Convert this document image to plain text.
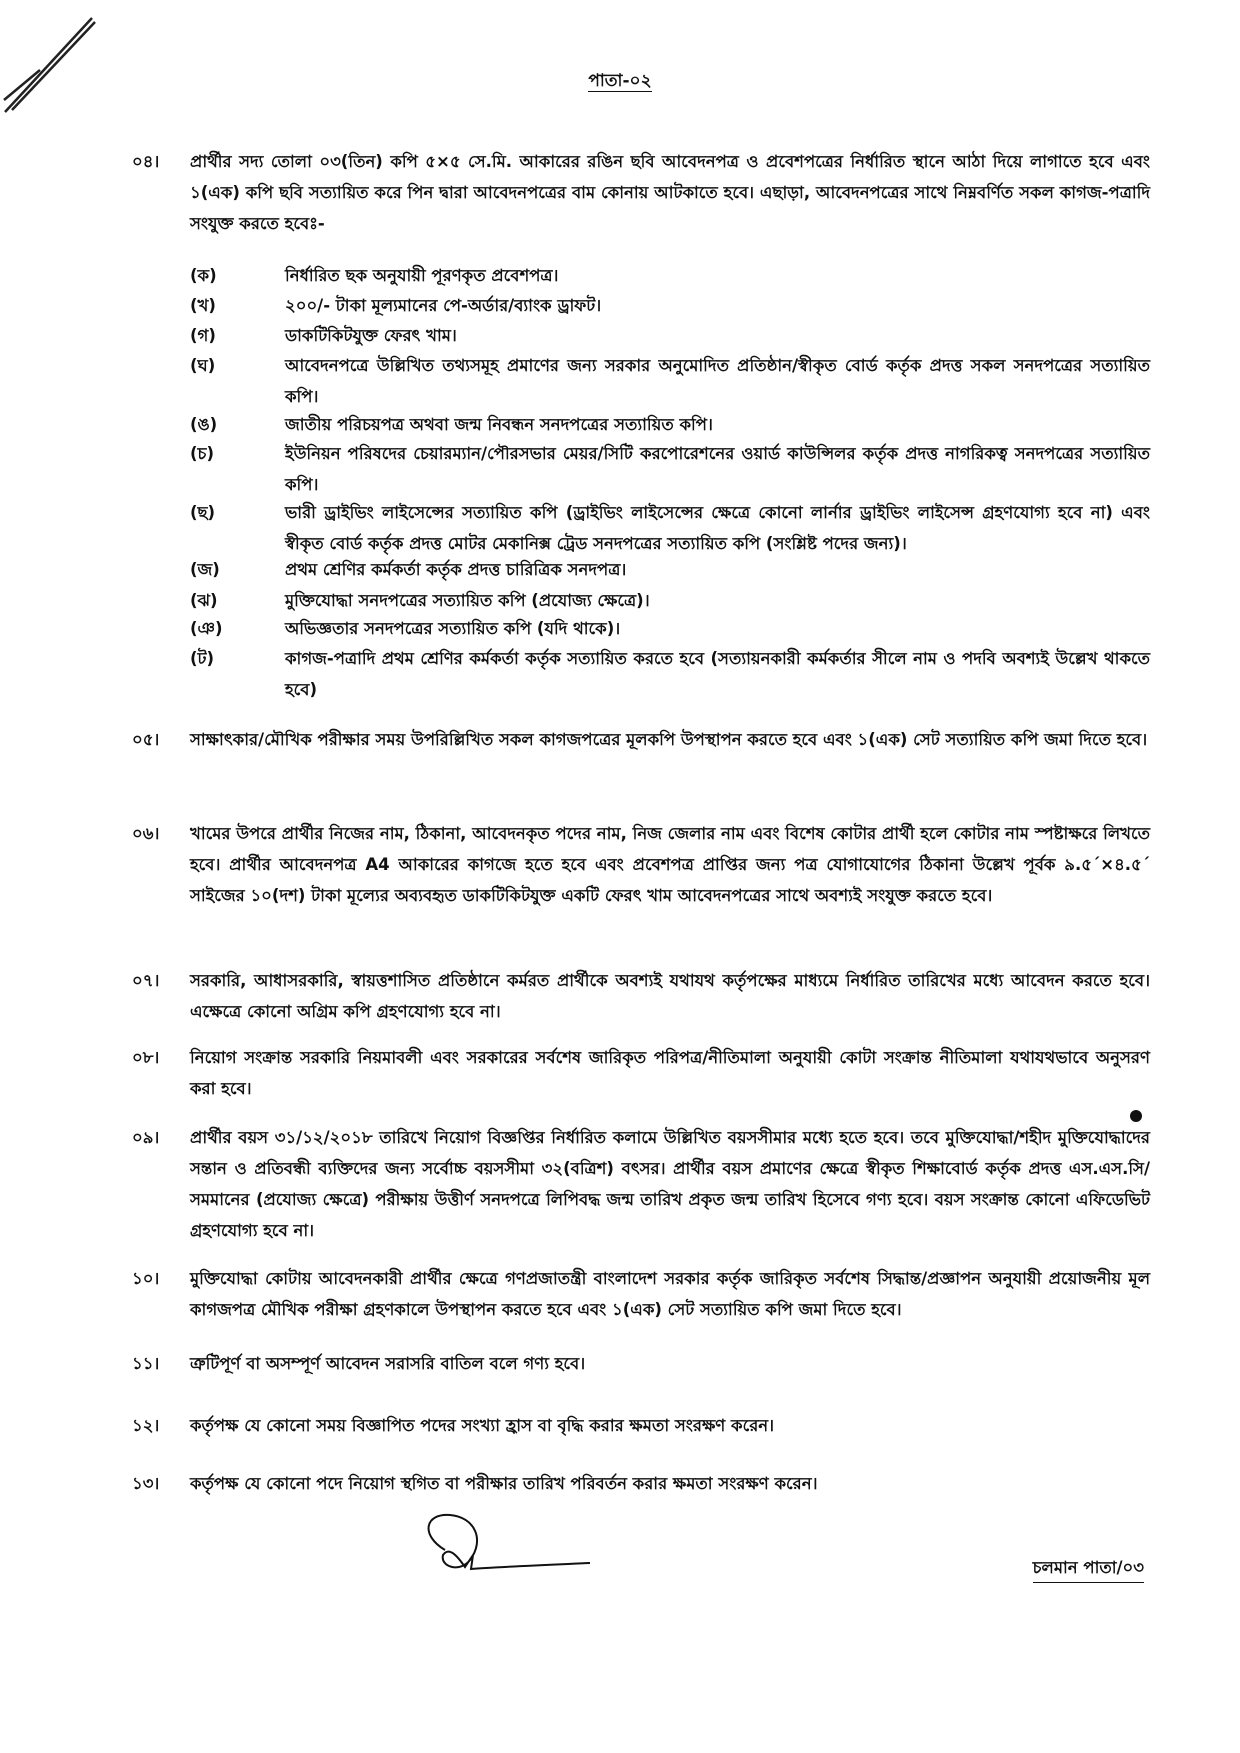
পাতা-০২
০৪। প্রার্থীর সদ্য তোলা ০৩(তিন) কপি ৫×৫ সে.মি. আকারের রঙিন ছবি আবেদনপত্র ও প্রবেশপত্রের নির্ধারিত স্থানে আঠা দিয়ে লাগাতে হবে এবং ১(এক) কপি ছবি সত্যায়িত করে পিন দ্বারা আবেদনপত্রের বাম কোনায় আটকাতে হবে। এছাড়া, আবেদনপত্রের সাথে নিম্নবর্ণিত সকল কাগজ-পত্রাদি সংযুক্ত করতে হবেঃ-
(ক)	নির্ধারিত ছক অনুযায়ী পূরণকৃত প্রবেশপত্র।
(খ)	২০০/- টাকা মূল্যমানের পে-অর্ডার/ব্যাংক ড্রাফট।
(গ)	ডাকটিকিটযুক্ত ফেরৎ খাম।
(ঘ)	আবেদনপত্রে উল্লিখিত তথ্যসমূহ প্রমাণের জন্য সরকার অনুমোদিত প্রতিষ্ঠান/স্বীকৃত বোর্ড কর্তৃক প্রদত্ত সকল সনদপত্রের সত্যায়িত কপি।
(ঙ)	জাতীয় পরিচয়পত্র অথবা জন্ম নিবন্ধন সনদপত্রের সত্যায়িত কপি।
(চ)	ইউনিয়ন পরিষদের চেয়ারম্যান/পৌরসভার মেয়র/সিটি করপোরেশনের ওয়ার্ড কাউন্সিলর কর্তৃক প্রদত্ত নাগরিকত্ব সনদপত্রের সত্যায়িত কপি।
(ছ)	ভারী ড্রাইভিং লাইসেন্সের সত্যায়িত কপি (ড্রাইভিং লাইসেন্সের ক্ষেত্রে কোনো লার্নার ড্রাইভিং লাইসেন্স গ্রহণযোগ্য হবে না) এবং স্বীকৃত বোর্ড কর্তৃক প্রদত্ত মোটর মেকানিক্স ট্রেড সনদপত্রের সত্যায়িত কপি (সংশ্লিষ্ট পদের জন্য)।
(জ)	প্রথম শ্রেণির কর্মকর্তা কর্তৃক প্রদত্ত চারিত্রিক সনদপত্র।
(ঝ)	মুক্তিযোদ্ধা সনদপত্রের সত্যায়িত কপি (প্রযোজ্য ক্ষেত্রে)।
(ঞ)	অভিজ্ঞতার সনদপত্রের সত্যায়িত কপি (যদি থাকে)।
(ট)	কাগজ-পত্রাদি প্রথম শ্রেণির কর্মকর্তা কর্তৃক সত্যায়িত করতে হবে (সত্যায়নকারী কর্মকর্তার সীলে নাম ও পদবি অবশ্যই উল্লেখ থাকতে হবে)
০৫। সাক্ষাৎকার/মৌখিক পরীক্ষার সময় উপরিল্লিখিত সকল কাগজপত্রের মূলকপি উপস্থাপন করতে হবে এবং ১(এক) সেট সত্যায়িত কপি জমা দিতে হবে।
০৬। খামের উপরে প্রার্থীর নিজের নাম, ঠিকানা, আবেদনকৃত পদের নাম, নিজ জেলার নাম এবং বিশেষ কোটার প্রার্থী হলে কোটার নাম স্পষ্টাক্ষরে লিখতে হবে। প্রার্থীর আবেদনপত্র A4 আকারের কাগজে হতে হবে এবং প্রবেশপত্র প্রাপ্তির জন্য পত্র যোগাযোগের ঠিকানা উল্লেখ পূর্বক ৯.৫´×৪.৫´ সাইজের ১০(দশ) টাকা মূল্যের অব্যবহৃত ডাকটিকিটযুক্ত একটি ফেরৎ খাম আবেদনপত্রের সাথে অবশ্যই সংযুক্ত করতে হবে।
০৭। সরকারি, আধাসরকারি, স্বায়ত্তশাসিত প্রতিষ্ঠানে কর্মরত প্রার্থীকে অবশ্যই যথাযথ কর্তৃপক্ষের মাধ্যমে নির্ধারিত তারিখের মধ্যে আবেদন করতে হবে। এক্ষেত্রে কোনো অগ্রিম কপি গ্রহণযোগ্য হবে না।
০৮। নিয়োগ সংক্রান্ত সরকারি নিয়মাবলী এবং সরকারের সর্বশেষ জারিকৃত পরিপত্র/নীতিমালা অনুযায়ী কোটা সংক্রান্ত নীতিমালা যথাযথভাবে অনুসরণ করা হবে।
০৯। প্রার্থীর বয়স ৩১/১২/২০১৮ তারিখে নিয়োগ বিজ্ঞপ্তির নির্ধারিত কলামে উল্লিখিত বয়সসীমার মধ্যে হতে হবে। তবে মুক্তিযোদ্ধা/শহীদ মুক্তিযোদ্ধাদের সন্তান ও প্রতিবন্ধী ব্যক্তিদের জন্য সর্বোচ্চ বয়সসীমা ৩২(বত্রিশ) বৎসর। প্রার্থীর বয়স প্রমাণের ক্ষেত্রে স্বীকৃত শিক্ষাবোর্ড কর্তৃক প্রদত্ত এস.এস.সি/সমমানের (প্রযোজ্য ক্ষেত্রে) পরীক্ষায় উত্তীর্ণ সনদপত্রে লিপিবদ্ধ জন্ম তারিখ প্রকৃত জন্ম তারিখ হিসেবে গণ্য হবে। বয়স সংক্রান্ত কোনো এফিডেভিট গ্রহণযোগ্য হবে না।
১০। মুক্তিযোদ্ধা কোটায় আবেদনকারী প্রার্থীর ক্ষেত্রে গণপ্রজাতন্ত্রী বাংলাদেশ সরকার কর্তৃক জারিকৃত সর্বশেষ সিদ্ধান্ত/প্রজ্ঞাপন অনুযায়ী প্রয়োজনীয় মূল কাগজপত্র মৌখিক পরীক্ষা গ্রহণকালে উপস্থাপন করতে হবে এবং ১(এক) সেট সত্যায়িত কপি জমা দিতে হবে।
১১। ত্রুটিপূর্ণ বা অসম্পূর্ণ আবেদন সরাসরি বাতিল বলে গণ্য হবে।
১২। কর্তৃপক্ষ যে কোনো সময় বিজ্ঞাপিত পদের সংখ্যা হ্রাস বা বৃদ্ধি করার ক্ষমতা সংরক্ষণ করেন।
১৩। কর্তৃপক্ষ যে কোনো পদে নিয়োগ স্থগিত বা পরীক্ষার তারিখ পরিবর্তন করার ক্ষমতা সংরক্ষণ করেন।
চলমান পাতা/০৩
